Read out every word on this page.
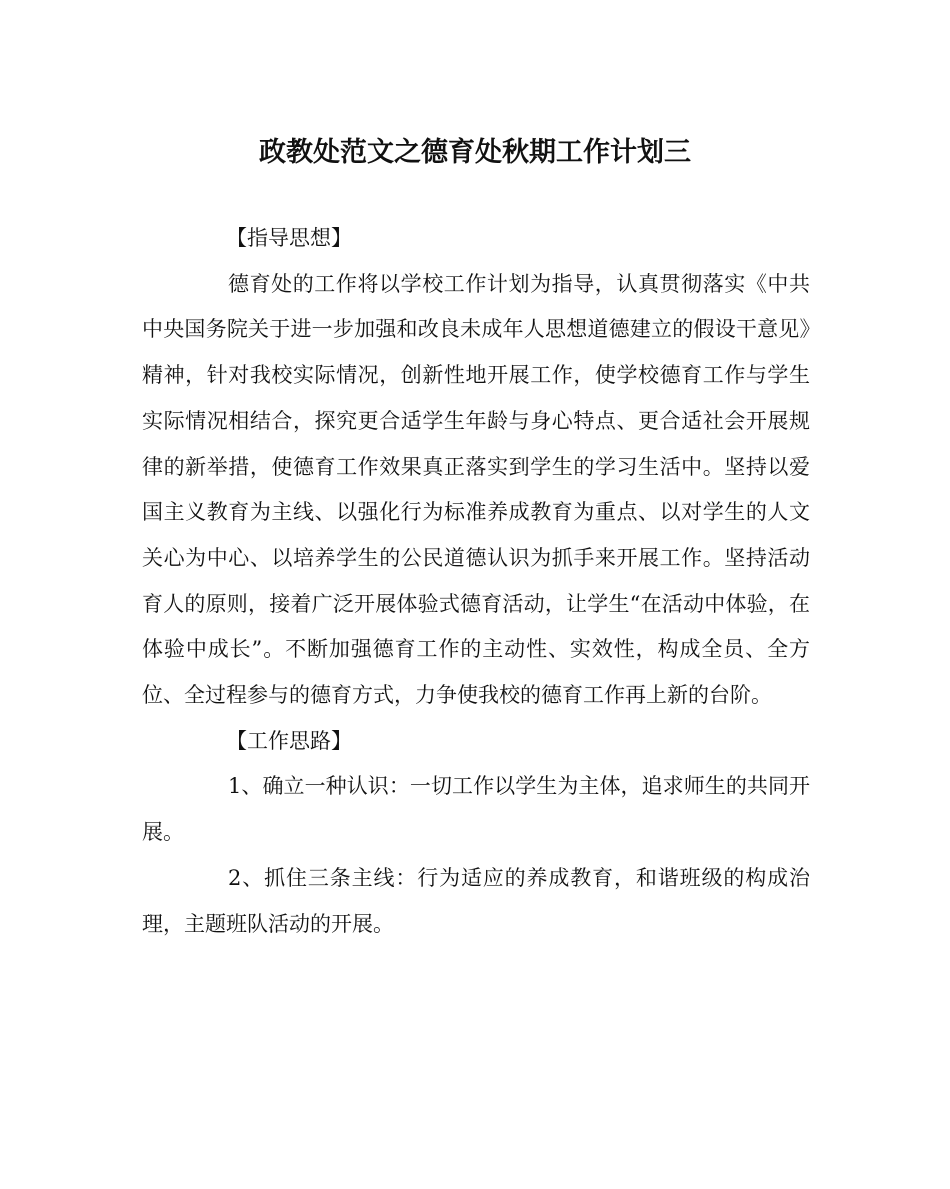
政教处范文之德育处秋期工作计划三

【指导思想】

德育处的工作将以学校工作计划为指导，认真贯彻落实《中共中央国务院关于进一步加强和改良未成年人思想道德建立的假设干意见》精神，针对我校实际情况，创新性地开展工作，使学校德育工作与学生实际情况相结合，探究更合适学生年龄与身心特点、更合适社会开展规律的新举措，使德育工作效果真正落实到学生的学习生活中。坚持以爱国主义教育为主线、以强化行为标准养成教育为重点、以对学生的人文关心为中心、以培养学生的公民道德认识为抓手来开展工作。坚持活动育人的原则，接着广泛开展体验式德育活动，让学生“在活动中体验，在体验中成长”。不断加强德育工作的主动性、实效性，构成全员、全方位、全过程参与的德育方式，力争使我校的德育工作再上新的台阶。

【工作思路】

1、确立一种认识：一切工作以学生为主体，追求师生的共同开展。

2、抓住三条主线：行为适应的养成教育，和谐班级的构成治理，主题班队活动的开展。
